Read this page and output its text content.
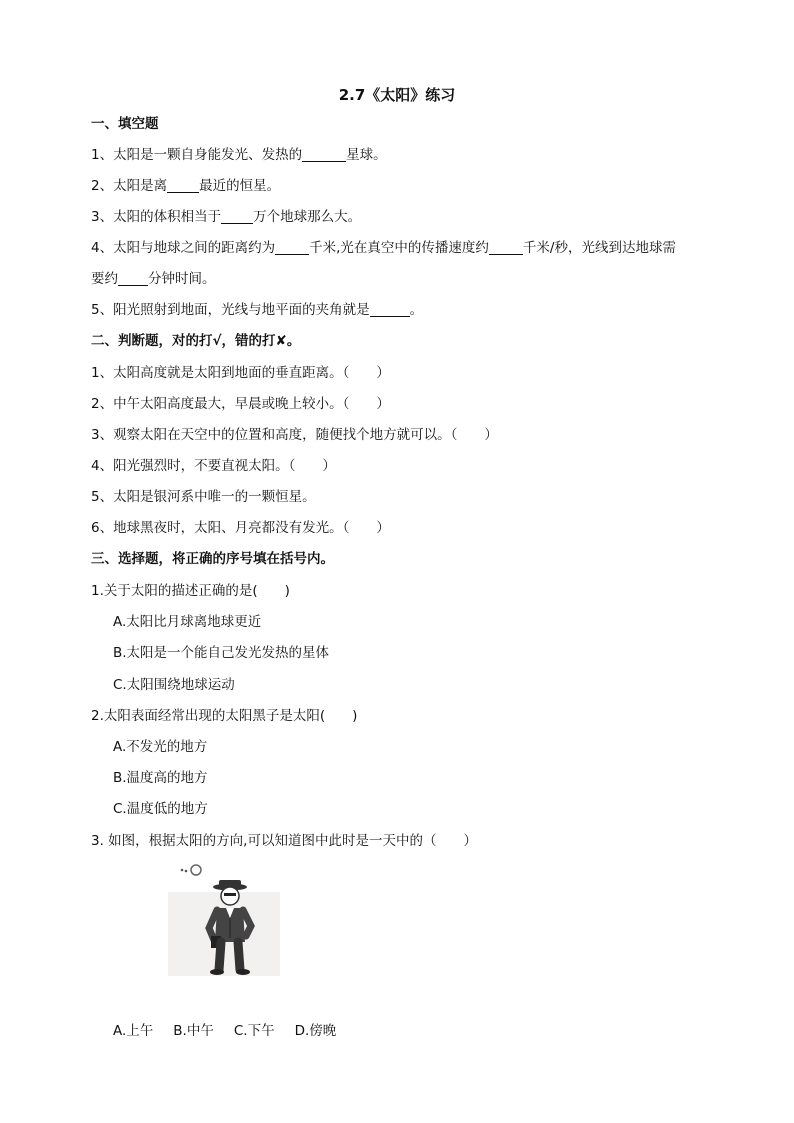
2.7《太阳》练习
一、填空题
1、太阳是一颗自身能发光、发热的	星球。
2、太阳是离 最近的恒星。
3、太阳的体积相当于 万个地球那么大。
4、太阳与地球之间的距离约为	千米,光在真空中的传播速度约	千米/秒，光线到达地球需
要约 分钟时间。
5、阳光照射到地面，光线与地平面的夹角就是	。
二、判断题，对的打√，错的打✘。
1、太阳高度就是太阳到地面的垂直距离。（　　）
2、中午太阳高度最大，早晨或晚上较小。（　　）
3、观察太阳在天空中的位置和高度，随便找个地方就可以。（　　）
4、阳光强烈时，不要直视太阳。（　　）
5、太阳是银河系中唯一的一颗恒星。
6、地球黑夜时，太阳、月亮都没有发光。（　　）
三、选择题，将正确的序号填在括号内。
1.关于太阳的描述正确的是(　　)
A.太阳比月球离地球更近
B.太阳是一个能自己发光发热的星体
C.太阳围绕地球运动
2.太阳表面经常出现的太阳黑子是太阳(　　)
A.不发光的地方
B.温度高的地方
C.温度低的地方
3. 如图，根据太阳的方向,可以知道图中此时是一天中的（　　）
A.上午 B.中午 C.下午 D.傍晚
